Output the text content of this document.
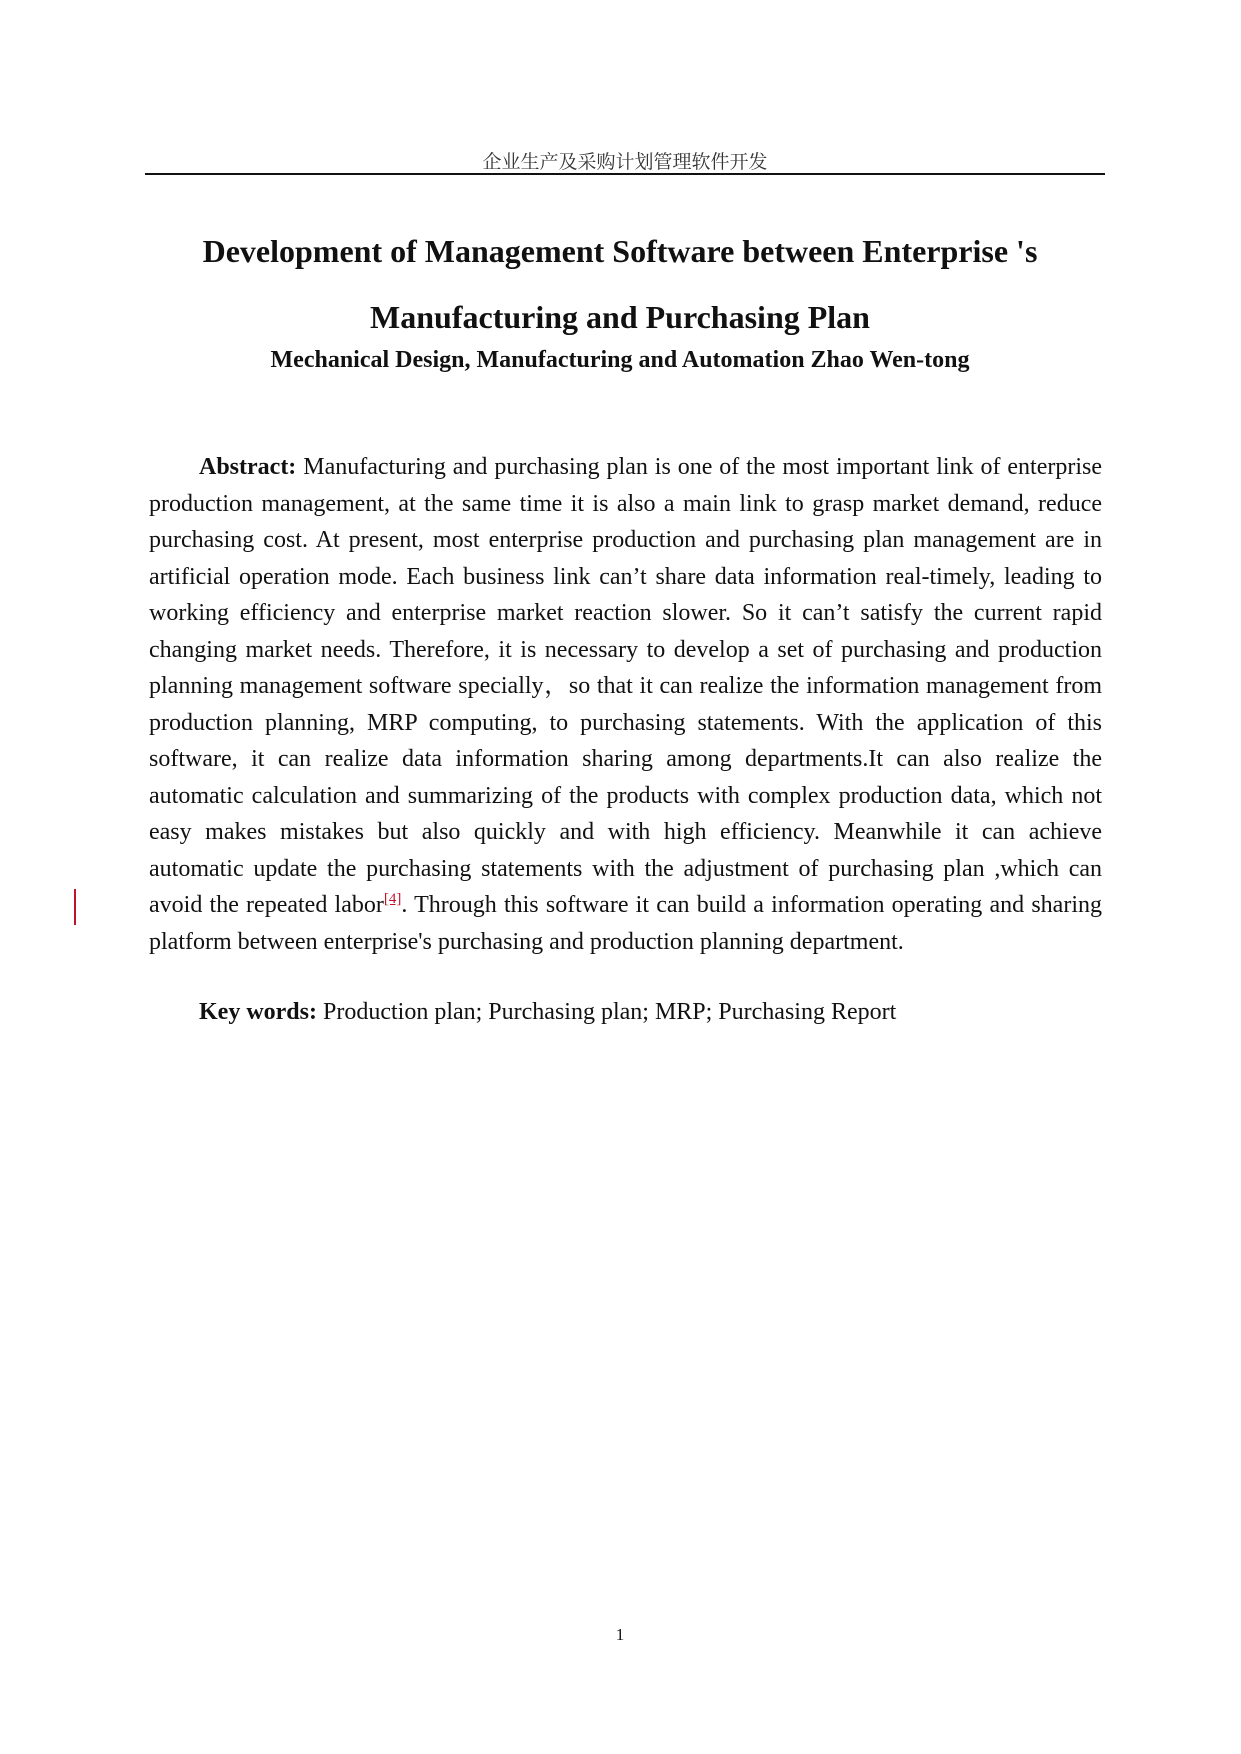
企业生产及采购计划管理软件开发
Development of Management Software between Enterprise 's
Manufacturing and Purchasing Plan

Mechanical Design, Manufacturing and Automation Zhao Wen-tong

Abstract: Manufacturing and purchasing plan is one of the most important link of enterprise production management, at the same time it is also a main link to grasp market demand, reduce purchasing cost. At present, most enterprise production and purchasing plan management are in artificial operation mode. Each business link can’t share data information real-timely, leading to working efficiency and enterprise market reaction slower. So it can’t satisfy the current rapid changing market needs. Therefore, it is necessary to develop a set of purchasing and production planning management software specially，so that it can realize the information management from production planning, MRP computing, to purchasing statements. With the application of this software, it can realize data information sharing among departments.It can also realize the automatic calculation and summarizing of the products with complex production data, which not easy makes mistakes but also quickly and with high efficiency. Meanwhile it can achieve automatic update the purchasing statements with the adjustment of purchasing plan ,which can avoid the repeated labor[4]. Through this software it can build a information operating and sharing platform between enterprise's purchasing and production planning department.

Key words: Production plan; Purchasing plan; MRP; Purchasing Report

1
